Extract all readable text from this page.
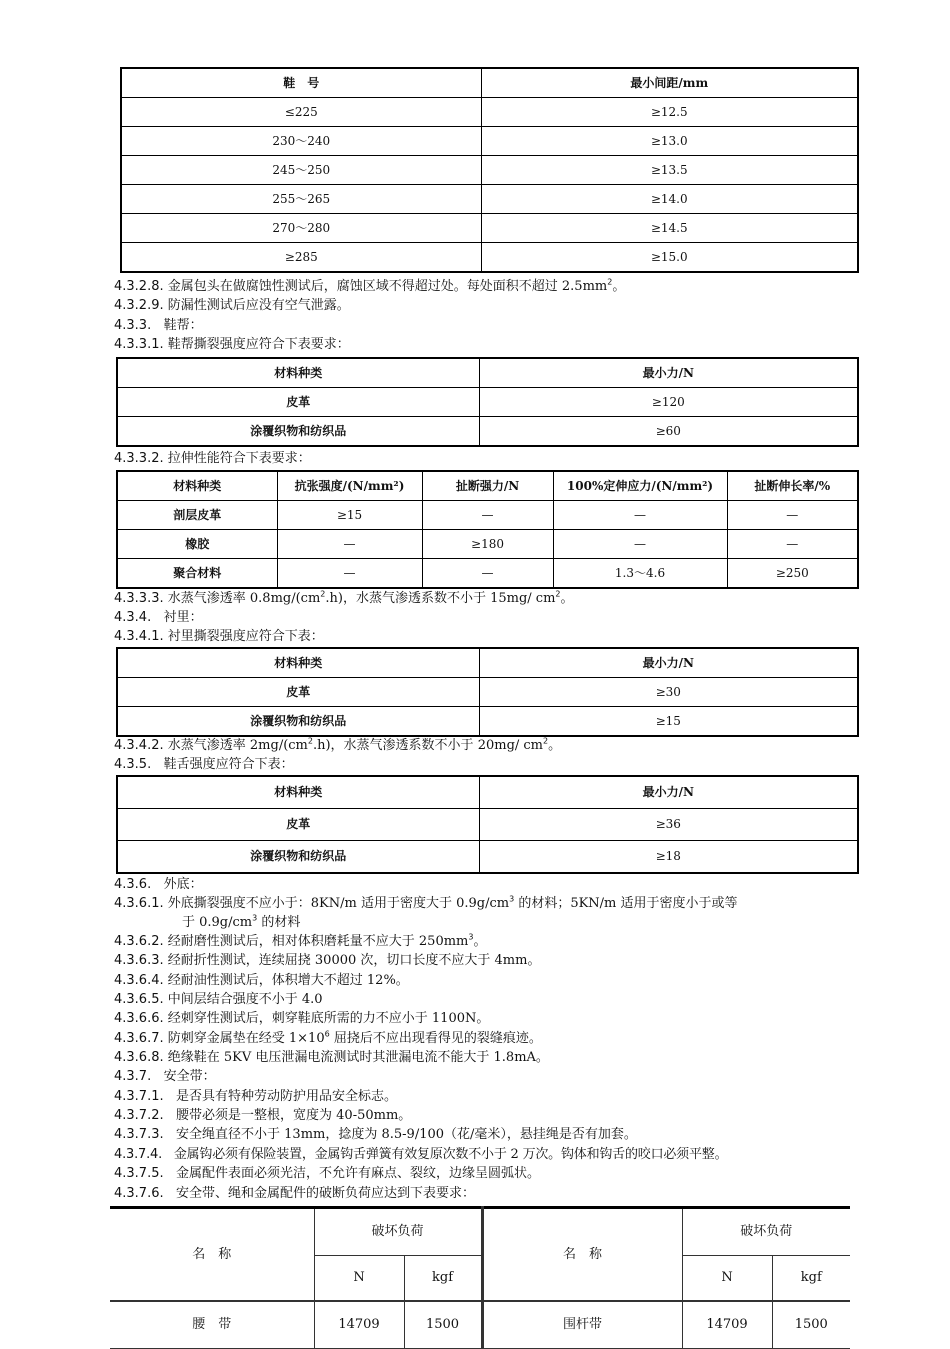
鞋　号	最小间距/mm
≤225	≥12.5
230～240	≥13.0
245～250	≥13.5
255～265	≥14.0
270～280	≥14.5
≥285	≥15.0
4.3.2.8. 金属包头在做腐蚀性测试后，腐蚀区域不得超过处。每处面积不超过 $2.5mm^2$。
4.3.2.9. 防漏性测试后应没有空气泄露。
4.3.3. 鞋帮：
4.3.3.1. 鞋帮撕裂强度应符合下表要求：
材料种类	最小力/N
皮革	≥120
涂覆织物和纺织品	≥60
4.3.3.2. 拉伸性能符合下表要求：
材料种类	抗张强度/(N/mm²)	扯断强力/N	100%定伸应力/(N/mm²)	扯断伸长率/%
剖层皮革	≥15	—	—	—
橡胶	—	≥180	—	—
聚合材料	—	—	1.3～4.6	≥250
4.3.3.3. 水蒸气渗透率 $0.8mg/(cm^2.h)$，水蒸气渗透系数不小于 15mg/ $cm^2$。
4.3.4. 衬里：
4.3.4.1. 衬里撕裂强度应符合下表：
材料种类	最小力/N
皮革	≥30
涂覆织物和纺织品	≥15
4.3.4.2. 水蒸气渗透率 $2mg/(cm^2.h)$，水蒸气渗透系数不小于 20mg/ $cm^2$。
4.3.5. 鞋舌强度应符合下表：
材料种类	最小力/N
皮革	≥36
涂覆织物和纺织品	≥18
4.3.6. 外底：
4.3.6.1. 外底撕裂强度不应小于：8KN/m 适用于密度大于 $0.9g/cm^3$ 的材料；5KN/m 适用于密度小于或等
于 $0.9g/cm^3$ 的材料
4.3.6.2. 经耐磨性测试后，相对体积磨耗量不应大于 $250mm^3$。
4.3.6.3. 经耐折性测试，连续屈挠 30000 次，切口长度不应大于 4mm。
4.3.6.4. 经耐油性测试后，体积增大不超过 12%。
4.3.6.5. 中间层结合强度不小于 4.0
4.3.6.6. 经刺穿性测试后，刺穿鞋底所需的力不应小于 1100N。
4.3.6.7. 防刺穿金属垫在经受 $1\times 10^6$ 屈挠后不应出现看得见的裂缝痕迹。
4.3.6.8. 绝缘鞋在 5KV 电压泄漏电流测试时其泄漏电流不能大于 1.8mA。
4.3.7. 安全带：
4.3.7.1. 是否具有特种劳动防护用品安全标志。
4.3.7.2. 腰带必须是一整根，宽度为 40-50mm。
4.3.7.3. 安全绳直径不小于 13mm，捻度为 8.5-9/100（花/毫米），悬挂绳是否有加套。
4.3.7.4. 金属钩必须有保险装置，金属钩舌弹簧有效复原次数不小于 2 万次。钩体和钩舌的咬口必须平整。
4.3.7.5. 金属配件表面必须光洁，不允许有麻点、裂纹，边缘呈圆弧状。
4.3.7.6. 安全带、绳和金属配件的破断负荷应达到下表要求：
名　称	破坏负荷		名　称	破坏负荷	
	N	kgf		N	kgf
腰　带	14709	1500	围杆带	14709	1500
